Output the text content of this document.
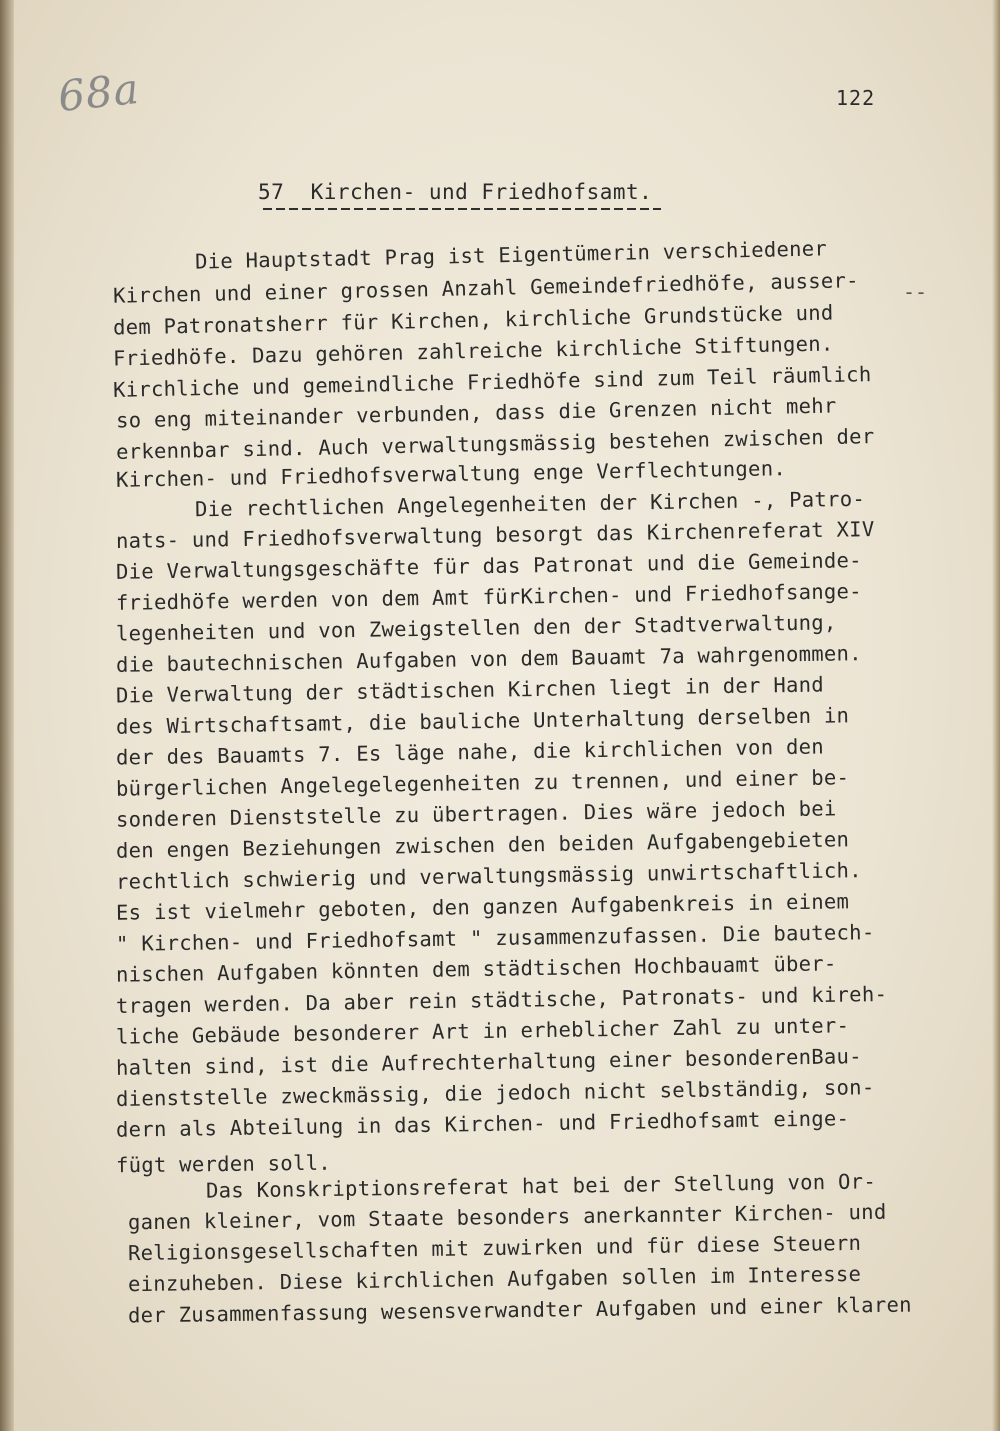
68a	122
57  Kirchen- und Friedhofsamt.
--
Die Hauptstadt Prag ist Eigentümerin verschiedener
Kirchen und einer grossen Anzahl Gemeindefriedhöfe, ausser-
dem Patronatsherr für Kirchen, kirchliche Grundstücke und
Friedhöfe. Dazu gehören zahlreiche kirchliche Stiftungen.
Kirchliche und gemeindliche Friedhöfe sind zum Teil räumlich
so eng miteinander verbunden, dass die Grenzen nicht mehr
erkennbar sind. Auch verwaltungsmässig bestehen zwischen der
Kirchen- und Friedhofsverwaltung enge Verflechtungen.
Die rechtlichen Angelegenheiten der Kirchen -, Patro-
nats- und Friedhofsverwaltung besorgt das Kirchenreferat XIV
Die Verwaltungsgeschäfte für das Patronat und die Gemeinde-
friedhöfe werden von dem Amt fürKirchen- und Friedhofsange-
legenheiten und von Zweigstellen den der Stadtverwaltung,
die bautechnischen Aufgaben von dem Bauamt 7a wahrgenommen.
Die Verwaltung der städtischen Kirchen liegt in der Hand
des Wirtschaftsamt, die bauliche Unterhaltung derselben in
der des Bauamts 7. Es läge nahe, die kirchlichen von den
bürgerlichen Angelegelegenheiten zu trennen, und einer be-
sonderen Dienststelle zu übertragen. Dies wäre jedoch bei
den engen Beziehungen zwischen den beiden Aufgabengebieten
rechtlich schwierig und verwaltungsmässig unwirtschaftlich.
Es ist vielmehr geboten, den ganzen Aufgabenkreis in einem
" Kirchen- und Friedhofsamt " zusammenzufassen. Die bautech-
nischen Aufgaben könnten dem städtischen Hochbauamt über-
tragen werden. Da aber rein städtische, Patronats- und kireh-
liche Gebäude besonderer Art in erheblicher Zahl zu unter-
halten sind, ist die Aufrechterhaltung einer besonderenBau-
dienststelle zweckmässig, die jedoch nicht selbständig, son-
dern als Abteilung in das Kirchen- und Friedhofsamt einge-
fügt werden soll.
Das Konskriptionsreferat hat bei der Stellung von Or-
ganen kleiner, vom Staate besonders anerkannter Kirchen- und
Religionsgesellschaften mit zuwirken und für diese Steuern
einzuheben. Diese kirchlichen Aufgaben sollen im Interesse
der Zusammenfassung wesensverwandter Aufgaben und einer klaren
